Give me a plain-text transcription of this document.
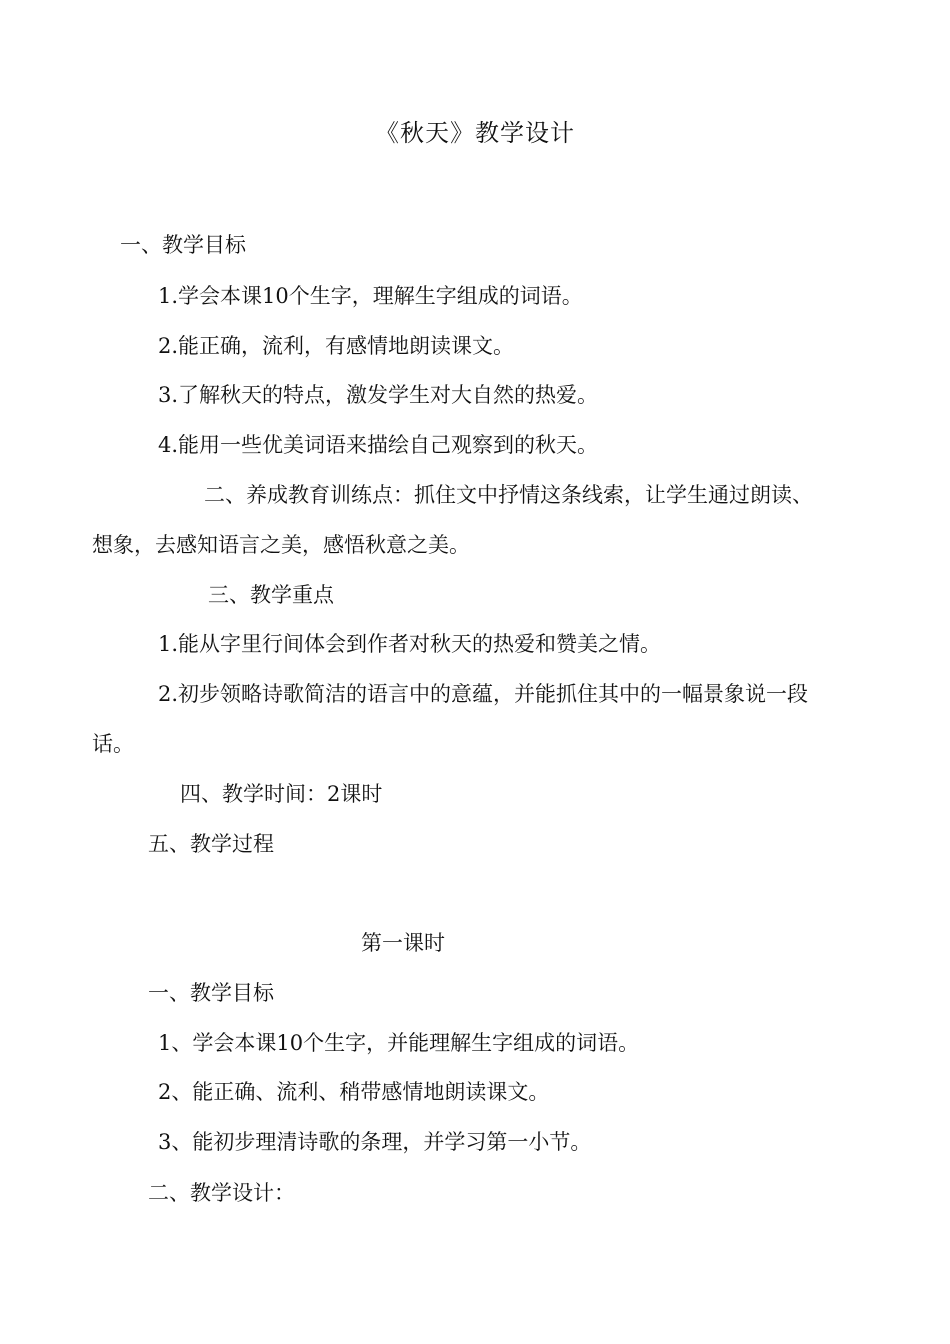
《秋天》教学设计
一、教学目标
1.学会本课10个生字，理解生字组成的词语。
2.能正确，流利，有感情地朗读课文。
3.了解秋天的特点，激发学生对大自然的热爱。
4.能用一些优美词语来描绘自己观察到的秋天。
二、养成教育训练点：抓住文中抒情这条线索，让学生通过朗读、
想象，去感知语言之美，感悟秋意之美。
三、教学重点
1.能从字里行间体会到作者对秋天的热爱和赞美之情。
2.初步领略诗歌简洁的语言中的意蕴，并能抓住其中的一幅景象说一段
话。
四、教学时间：2课时
五、教学过程
第一课时
一、教学目标
1、学会本课10个生字，并能理解生字组成的词语。
2、能正确、流利、稍带感情地朗读课文。
3、能初步理清诗歌的条理，并学习第一小节。
二、教学设计：
